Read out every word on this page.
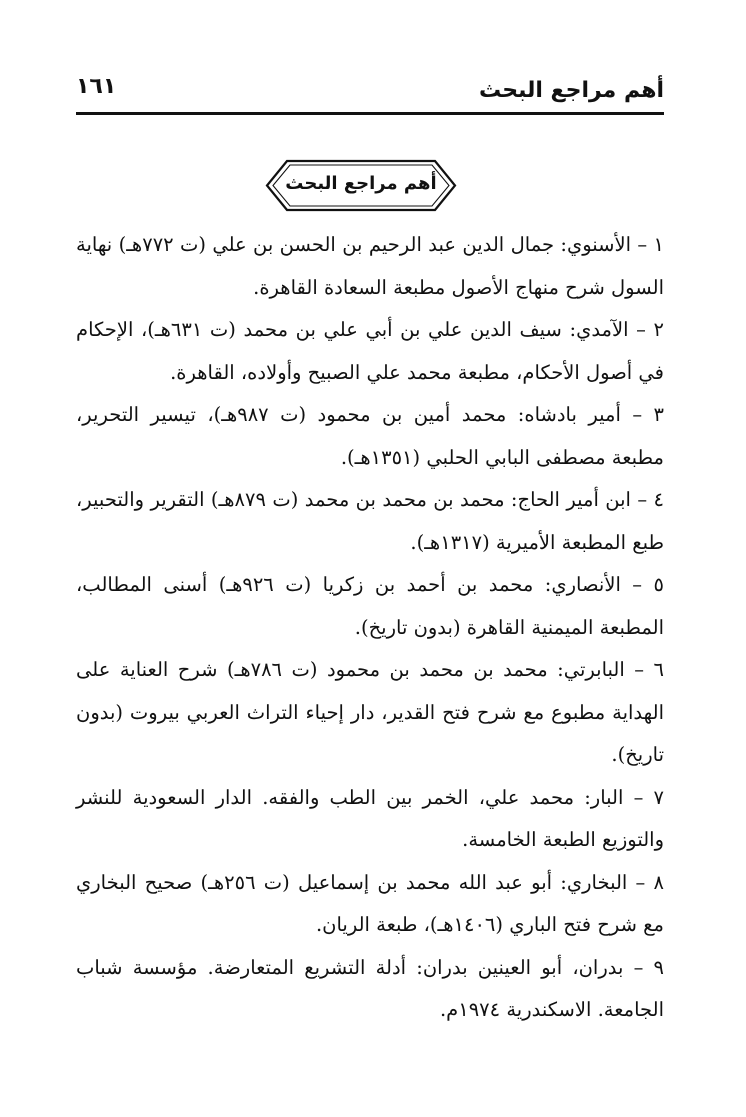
أهم مراجع البحث
١٦١
أهم مراجع البحث

١ – الأسنوي: جمال الدين عبد الرحيم بن الحسن بن علي (ت ٧٧٢هـ) نهاية السول شرح منهاج الأصول مطبعة السعادة القاهرة.

٢ – الآمدي: سيف الدين علي بن أبي علي بن محمد (ت ٦٣١هـ)، الإحكام في أصول الأحكام، مطبعة محمد علي الصبيح وأولاده، القاهرة.

٣ – أمير بادشاه: محمد أمين بن محمود (ت ٩٨٧هـ)، تيسير التحرير، مطبعة مصطفى البابي الحلبي (١٣٥١هـ).

٤ – ابن أمير الحاج: محمد بن محمد بن محمد (ت ٨٧٩هـ) التقرير والتحبير، طبع المطبعة الأميرية (١٣١٧هـ).

٥ – الأنصاري: محمد بن أحمد بن زكريا (ت ٩٢٦هـ) أسنى المطالب، المطبعة الميمنية القاهرة (بدون تاريخ).

٦ – البابرتي: محمد بن محمد بن محمود (ت ٧٨٦هـ) شرح العناية على الهداية مطبوع مع شرح فتح القدير، دار إحياء التراث العربي بيروت (بدون تاريخ).

٧ – البار: محمد علي، الخمر بين الطب والفقه. الدار السعودية للنشر والتوزيع الطبعة الخامسة.

٨ – البخاري: أبو عبد الله محمد بن إسماعيل (ت ٢٥٦هـ) صحيح البخاري مع شرح فتح الباري (١٤٠٦هـ)، طبعة الريان.

٩ – بدران، أبو العينين بدران: أدلة التشريع المتعارضة. مؤسسة شباب الجامعة. الاسكندرية ١٩٧٤م.
